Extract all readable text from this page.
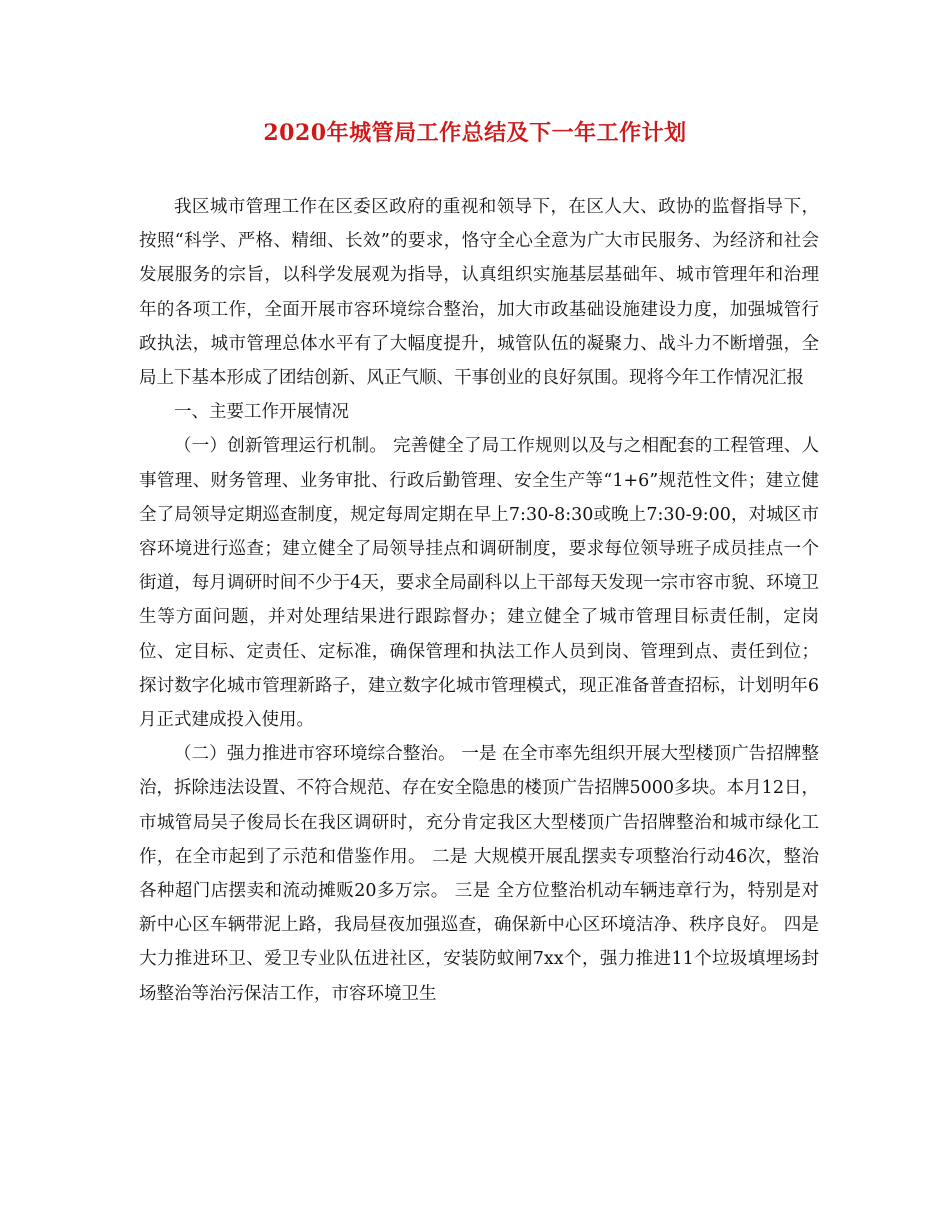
2020年城管局工作总结及下一年工作计划

我区城市管理工作在区委区政府的重视和领导下，在区人大、政协的监督指导下，按照“科学、严格、精细、长效”的要求，恪守全心全意为广大市民服务、为经济和社会发展服务的宗旨，以科学发展观为指导，认真组织实施基层基础年、城市管理年和治理年的各项工作，全面开展市容环境综合整治，加大市政基础设施建设力度，加强城管行政执法，城市管理总体水平有了大幅度提升，城管队伍的凝聚力、战斗力不断增强，全局上下基本形成了团结创新、风正气顺、干事创业的良好氛围。现将今年工作情况汇报

一、主要工作开展情况

（一）创新管理运行机制。 完善健全了局工作规则以及与之相配套的工程管理、人事管理、财务管理、业务审批、行政后勤管理、安全生产等“1+6”规范性文件；建立健全了局领导定期巡查制度，规定每周定期在早上7:30-8:30或晚上7:30-9:00，对城区市容环境进行巡查；建立健全了局领导挂点和调研制度，要求每位领导班子成员挂点一个街道，每月调研时间不少于4天，要求全局副科以上干部每天发现一宗市容市貌、环境卫生等方面问题，并对处理结果进行跟踪督办；建立健全了城市管理目标责任制，定岗位、定目标、定责任、定标准，确保管理和执法工作人员到岗、管理到点、责任到位；探讨数字化城市管理新路子，建立数字化城市管理模式，现正准备普查招标，计划明年6月正式建成投入使用。

（二）强力推进市容环境综合整治。 一是 在全市率先组织开展大型楼顶广告招牌整治，拆除违法设置、不符合规范、存在安全隐患的楼顶广告招牌5000多块。本月12日，市城管局吴子俊局长在我区调研时，充分肯定我区大型楼顶广告招牌整治和城市绿化工作，在全市起到了示范和借鉴作用。 二是 大规模开展乱摆卖专项整治行动46次，整治各种超门店摆卖和流动摊贩20多万宗。 三是 全方位整治机动车辆违章行为，特别是对新中心区车辆带泥上路，我局昼夜加强巡查，确保新中心区环境洁净、秩序良好。 四是 大力推进环卫、爱卫专业队伍进社区，安装防蚊闸7xx个，强力推进11个垃圾填埋场封场整治等治污保洁工作，市容环境卫生
